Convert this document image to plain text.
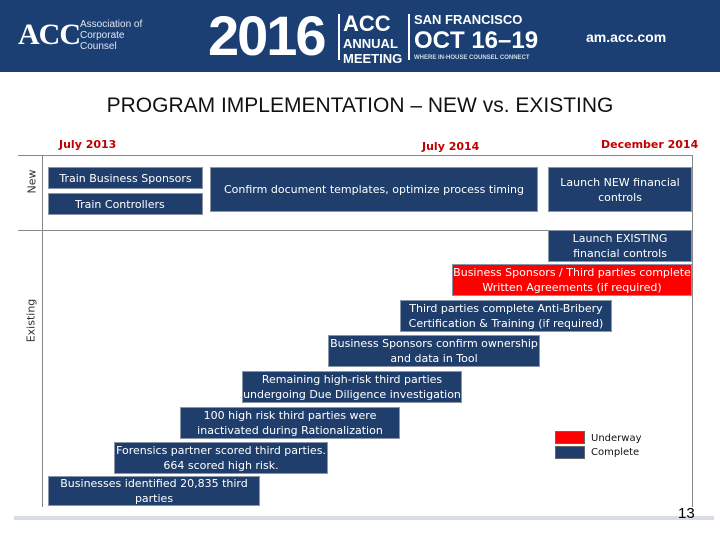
ACC Association of Corporate Counsel	2016 ACC
ANNUAL
MEETING
SAN FRANCISCO
OCT 16–19
WHERE IN-HOUSE COUNSEL CONNECT
am.acc.com
PROGRAM IMPLEMENTATION – NEW vs. EXISTING
July 2013	July 2014	December 2014
New
Existing
Train Business Sponsors
Train Controllers
Confirm document templates, optimize process timing
Launch NEW financial controls
Launch EXISTING financial controls
Business Sponsors / Third parties complete Written Agreements (if required)
Third parties complete Anti-Bribery Certification & Training (if required)
Business Sponsors confirm ownership and data in Tool
Remaining high-risk third parties undergoing Due Diligence investigation
100 high risk third parties were inactivated during Rationalization
Forensics partner scored third parties. 664 scored high risk.
Businesses identified 20,835 third parties
Underway
Complete
13
